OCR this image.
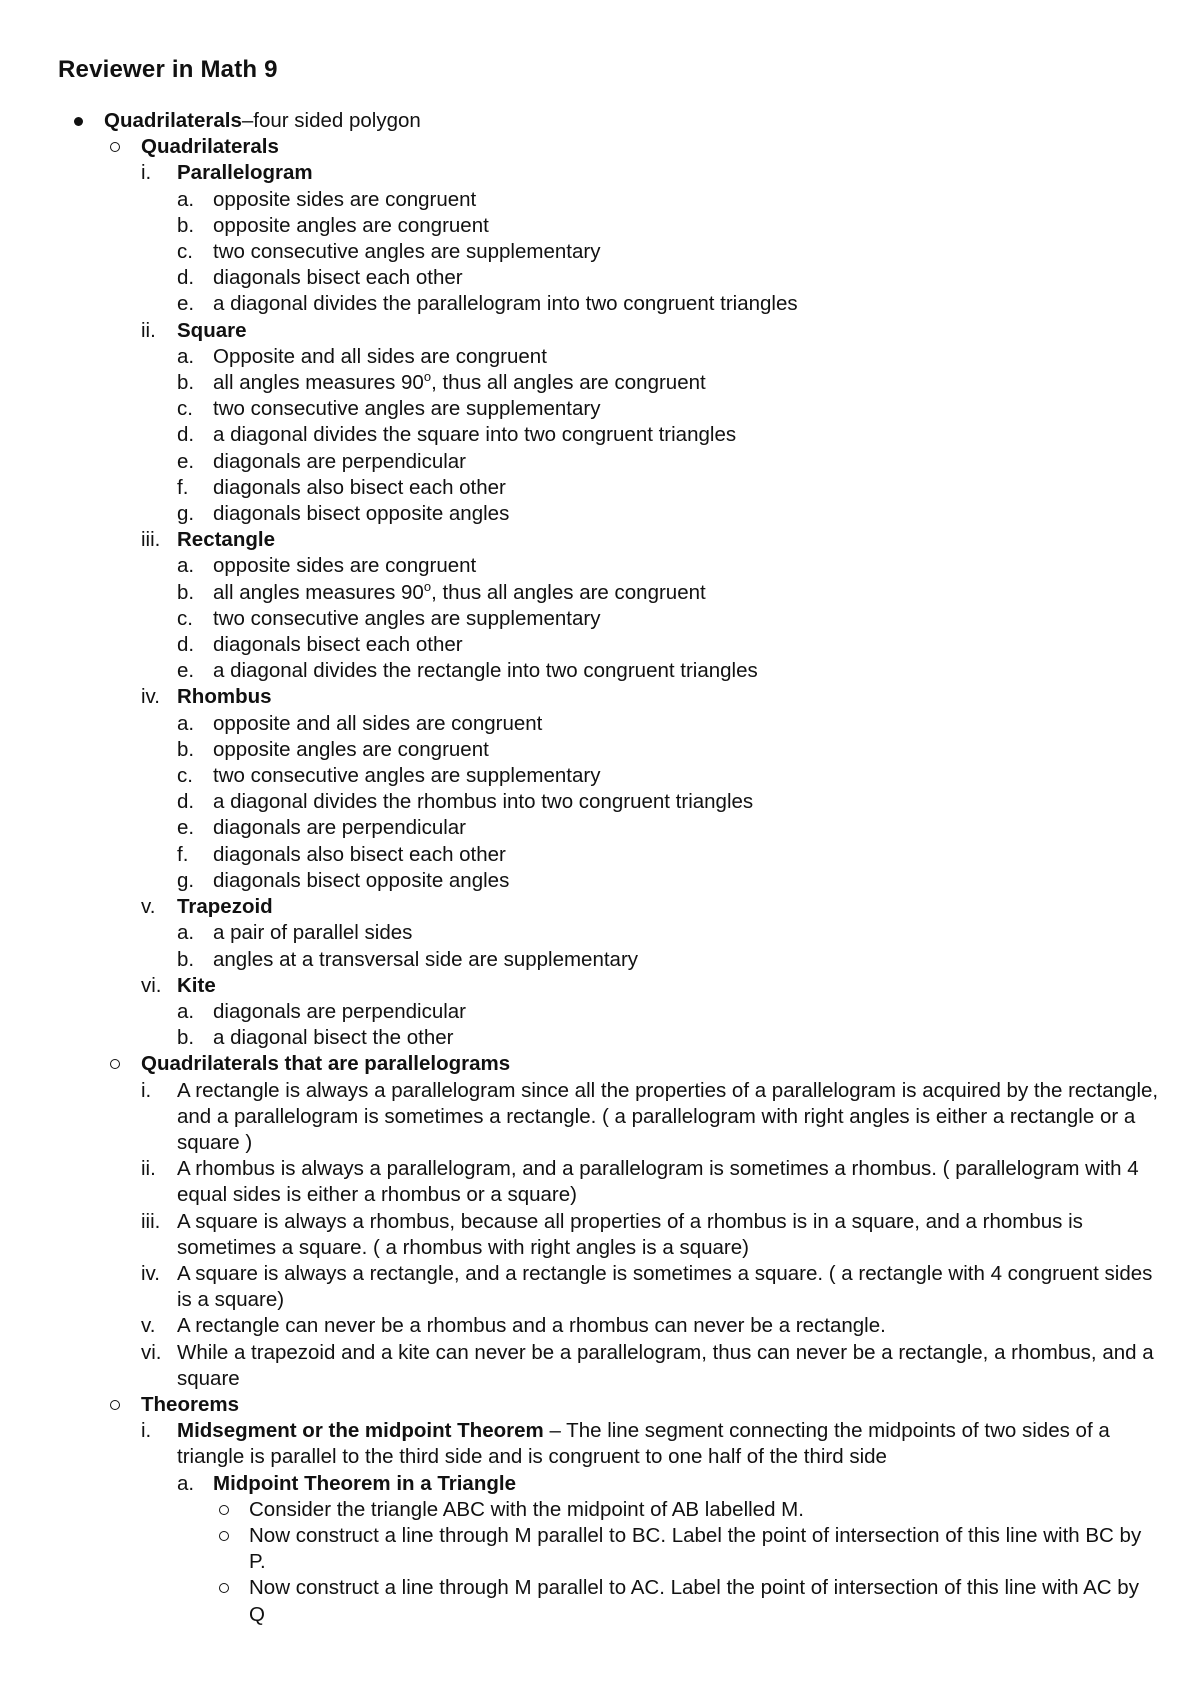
Reviewer in Math 9
Quadrilaterals–four sided polygon
Quadrilaterals
i. Parallelogram
a. opposite sides are congruent
b. opposite angles are congruent
c. two consecutive angles are supplementary
d. diagonals bisect each other
e. a diagonal divides the parallelogram into two congruent triangles
ii. Square
a. Opposite and all sides are congruent
b. all angles measures 90$^o$, thus all angles are congruent
c. two consecutive angles are supplementary
d. a diagonal divides the square into two congruent triangles
e. diagonals are perpendicular
f. diagonals also bisect each other
g. diagonals bisect opposite angles
iii. Rectangle
a. opposite sides are congruent
b. all angles measures 90$^o$, thus all angles are congruent
c. two consecutive angles are supplementary
d. diagonals bisect each other
e. a diagonal divides the rectangle into two congruent triangles
iv. Rhombus
a. opposite and all sides are congruent
b. opposite angles are congruent
c. two consecutive angles are supplementary
d. a diagonal divides the rhombus into two congruent triangles
e. diagonals are perpendicular
f. diagonals also bisect each other
g. diagonals bisect opposite angles
v. Trapezoid
a. a pair of parallel sides
b. angles at a transversal side are supplementary
vi. Kite
a. diagonals are perpendicular
b. a diagonal bisect the other
Quadrilaterals that are parallelograms
i. A rectangle is always a parallelogram since all the properties of a parallelogram is acquired by the rectangle, and a parallelogram is sometimes a rectangle. ( a parallelogram with right angles is either a rectangle or a square )
ii. A rhombus is always a parallelogram, and a parallelogram is sometimes a rhombus. ( parallelogram with 4 equal sides is either a rhombus or a square)
iii. A square is always a rhombus, because all properties of a rhombus is in a square, and a rhombus is sometimes a square. ( a rhombus with right angles is a square)
iv. A square is always a rectangle, and a rectangle is sometimes a square. ( a rectangle with 4 congruent sides is a square)
v. A rectangle can never be a rhombus and a rhombus can never be a rectangle.
vi. While a trapezoid and a kite can never be a parallelogram, thus can never be a rectangle, a rhombus, and a square
Theorems
i. Midsegment or the midpoint Theorem – The line segment connecting the midpoints of two sides of a triangle is parallel to the third side and is congruent to one half of the third side
a. Midpoint Theorem in a Triangle
Consider the triangle ABC with the midpoint of AB labelled M.
Now construct a line through M parallel to BC. Label the point of intersection of this line with BC by P.
Now construct a line through M parallel to AC. Label the point of intersection of this line with AC by Q
